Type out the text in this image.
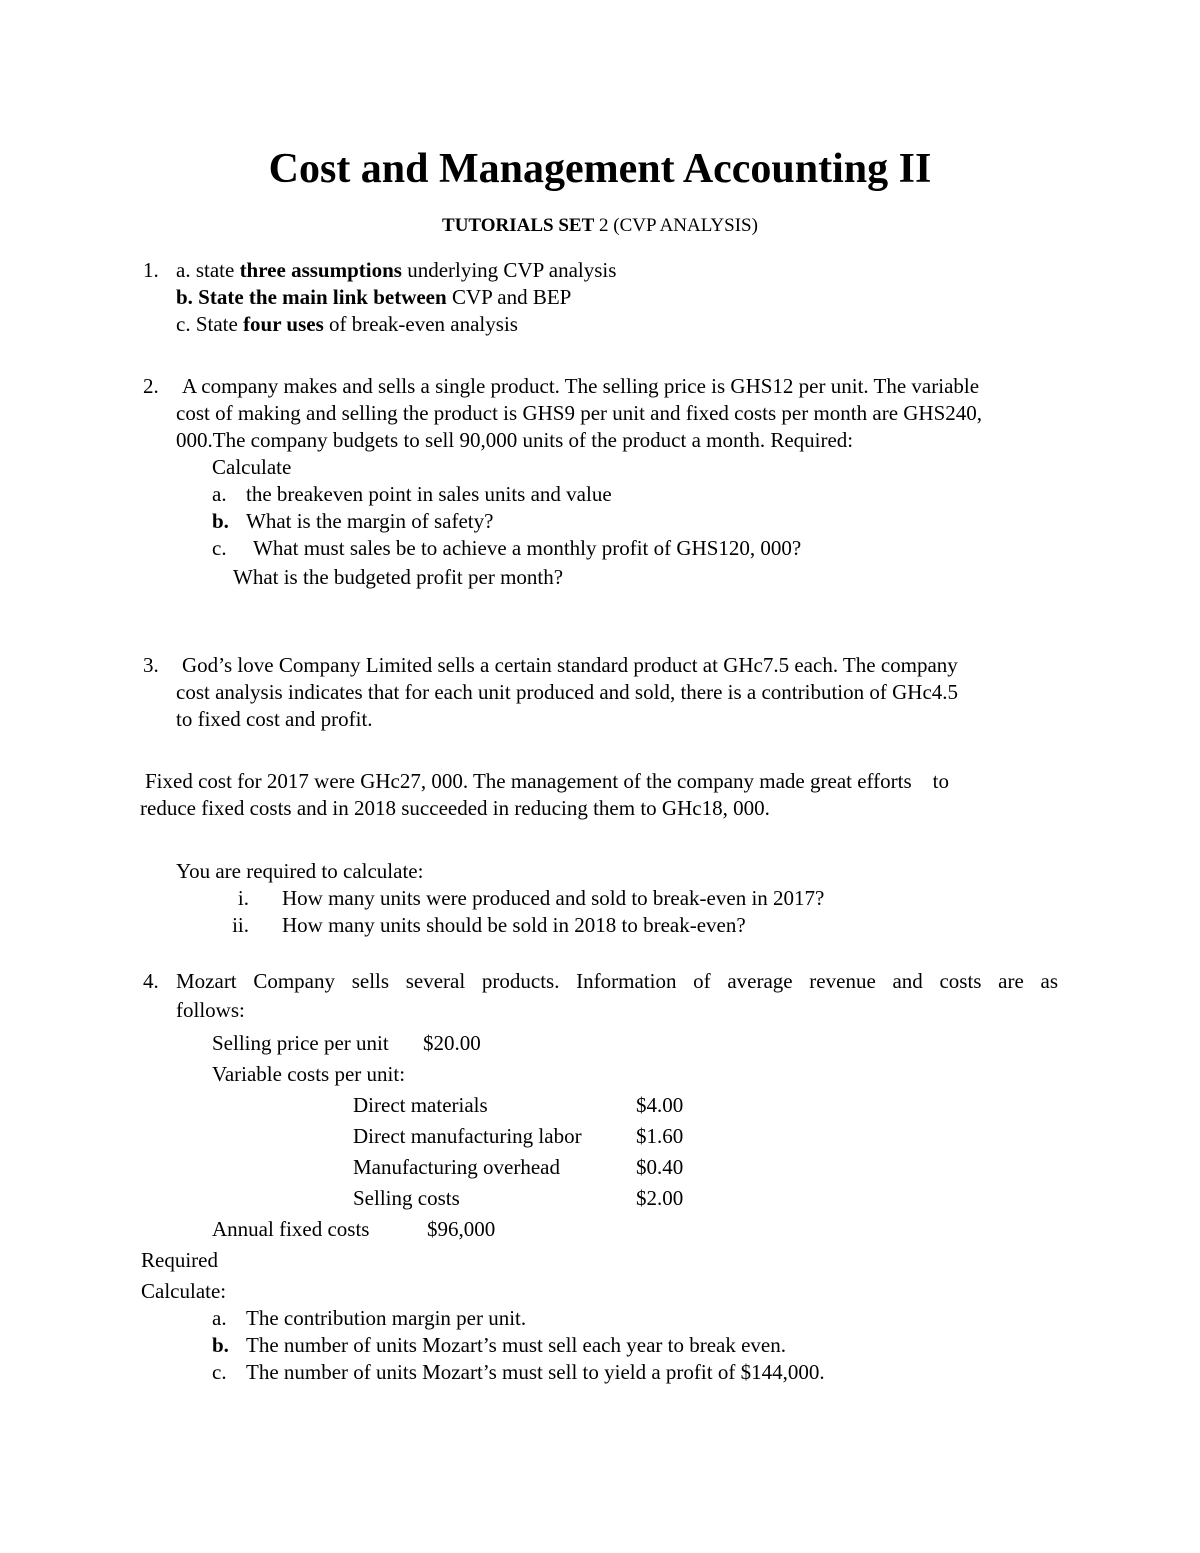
Cost and Management Accounting II
TUTORIALS SET 2 (CVP ANALYSIS)
1. a. state three assumptions underlying CVP analysis
b. State the main link between CVP and BEP
c. State four uses of break-even analysis
2. A company makes and sells a single product. The selling price is GHS12 per unit. The variable
cost of making and selling the product is GHS9 per unit and fixed costs per month are GHS240,
000.The company budgets to sell 90,000 units of the product a month. Required:
Calculate
a. the breakeven point in sales units and value
b. What is the margin of safety?
c. What must sales be to achieve a monthly profit of GHS120, 000?
What is the budgeted profit per month?
3. God’s love Company Limited sells a certain standard product at GHc7.5 each. The company
cost analysis indicates that for each unit produced and sold, there is a contribution of GHc4.5
to fixed cost and profit.
Fixed cost for 2017 were GHc27, 000. The management of the company made great efforts    to
reduce fixed costs and in 2018 succeeded in reducing them to GHc18, 000.
You are required to calculate:
i. How many units were produced and sold to break-even in 2017?
ii. How many units should be sold in 2018 to break-even?
4. Mozart Company sells several products. Information of average revenue and costs are as
follows:
Selling price per unit $20.00
Variable costs per unit:
Direct materials	$4.00
Direct manufacturing labor	$1.60
Manufacturing overhead	$0.40
Selling costs	$2.00
Annual fixed costs	$96,000
Required
Calculate:
a. The contribution margin per unit.
b. The number of units Mozart’s must sell each year to break even.
c. The number of units Mozart’s must sell to yield a profit of $144,000.
